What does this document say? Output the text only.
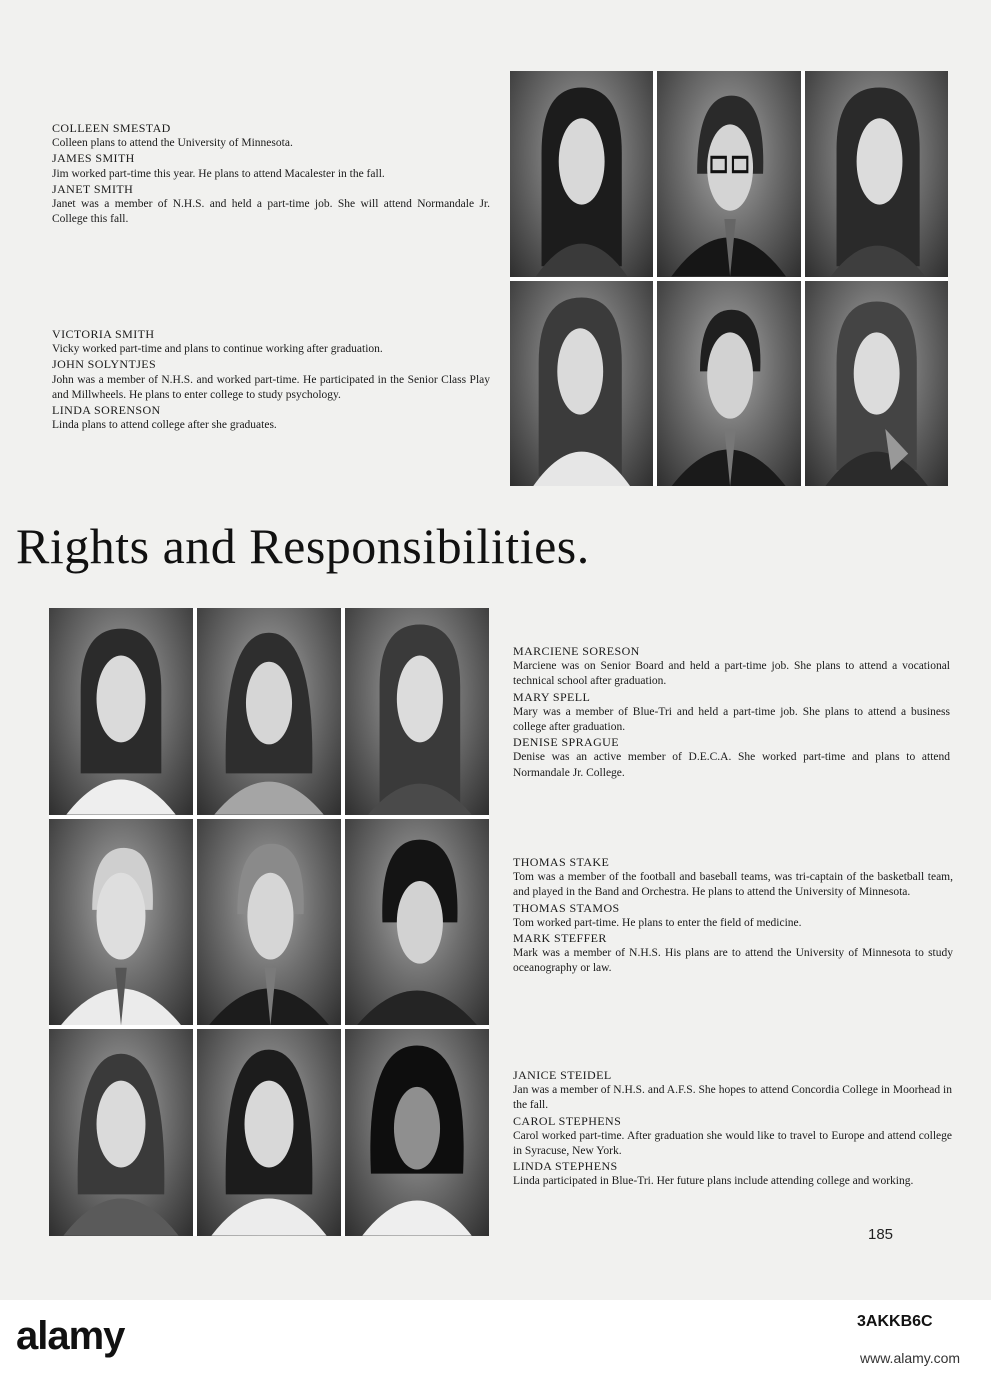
COLLEEN SMESTAD
Colleen plans to attend the University of Minnesota.
JAMES SMITH
Jim worked part-time this year. He plans to attend Macalester in the fall.
JANET SMITH
Janet was a member of N.H.S. and held a part-time job. She will attend Normandale Jr. College this fall.
VICTORIA SMITH
Vicky worked part-time and plans to continue working after graduation.
JOHN SOLYNTJES
John was a member of N.H.S. and worked part-time. He participated in the Senior Class Play and Millwheels. He plans to enter college to study psychology.
LINDA SORENSON
Linda plans to attend college after she graduates.
Rights and Responsibilities.
MARCIENE SORESON
Marciene was on Senior Board and held a part-time job. She plans to attend a vocational technical school after graduation.
MARY SPELL
Mary was a member of Blue-Tri and held a part-time job. She plans to attend a business college after graduation.
DENISE SPRAGUE
Denise was an active member of D.E.C.A. She worked part-time and plans to attend Normandale Jr. College.
THOMAS STAKE
Tom was a member of the football and baseball teams, was tri-captain of the basketball team, and played in the Band and Orchestra. He plans to attend the University of Minnesota.
THOMAS STAMOS
Tom worked part-time. He plans to enter the field of medicine.
MARK STEFFER
Mark was a member of N.H.S. His plans are to attend the University of Minnesota to study oceanography or law.
JANICE STEIDEL
Jan was a member of N.H.S. and A.F.S. She hopes to attend Concordia College in Moorhead in the fall.
CAROL STEPHENS
Carol worked part-time. After graduation she would like to travel to Europe and attend college in Syracuse, New York.
LINDA STEPHENS
Linda participated in Blue-Tri. Her future plans include attending college and working.
185
alamy	3AKKB6C
www.alamy.com
